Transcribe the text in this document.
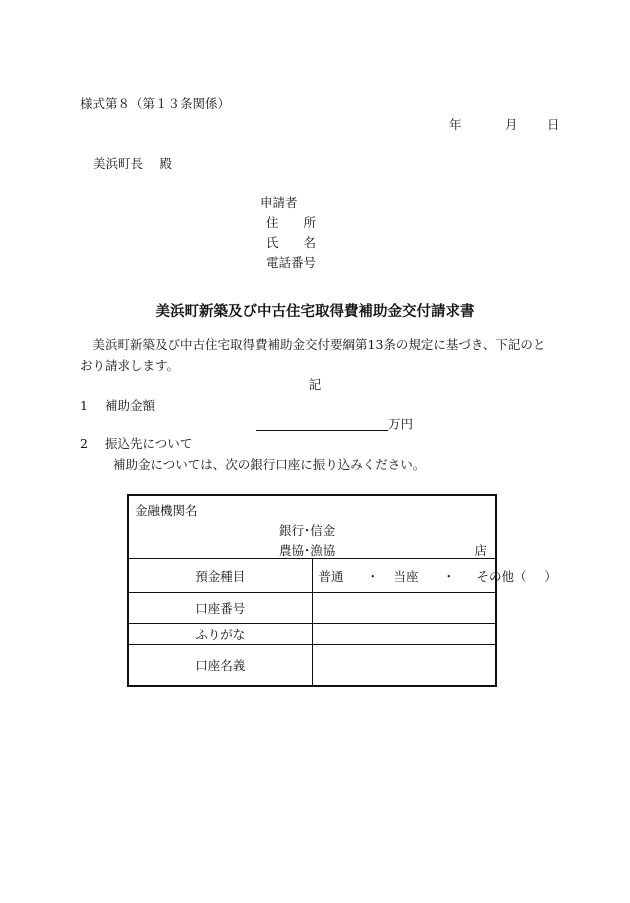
様式第８（第１３条関係）
年	月 日
美浜町長　 殿
申請者
住　　所
氏　　名
電話番号
美浜町新築及び中古住宅取得費補助金交付請求書
　美浜町新築及び中古住宅取得費補助金交付要綱第13条の規定に基づき、下記のとおり請求します。
記
1 補助金額
万円
2 振込先について
補助金については、次の銀行口座に振り込みください。
金融機関名
銀行･信金
農協･漁協 店	

預金種目	普通 ・ 当座 ・ その他（ ）
口座番号	
ふりがな	
口座名義	
